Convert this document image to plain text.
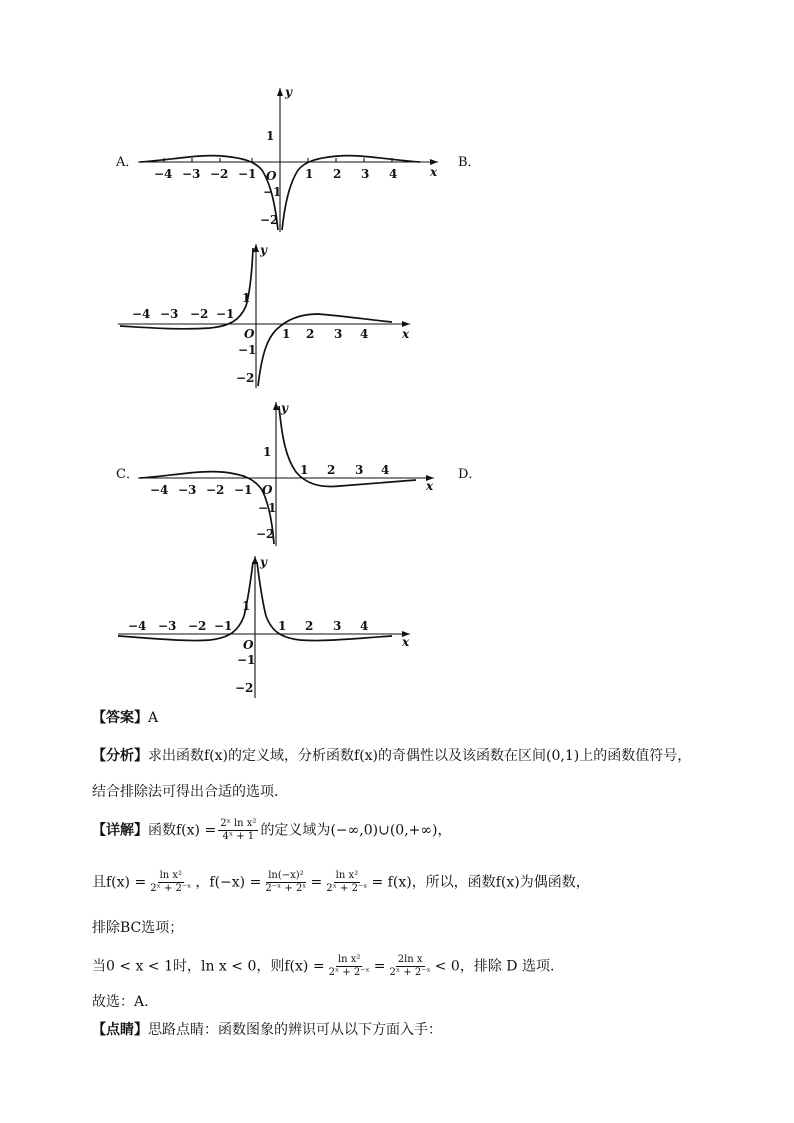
A．	B．
−4 −3 −2 −1 O 1 2 3 4	x
y
1
−1
−2
−4 −3 −2 −1
O 1 2 3 4	x
y
1
−1
−2
C．	D．
−4 −3 −2 −1 O
1 2 3 4
x
y
1
−1
−2
−4 −3 −2 −1
O
1 2 3 4
x
y
1
−1
−2
【答案】A
【分析】求出函数f(x)的定义域，分析函数f(x)的奇偶性以及该函数在区间(0,1)上的函数值符号，
结合排除法可得出合适的选项.
【详解】函数$f(x) = \frac{\text{2ˣ ln x²}}{\text{4ˣ + 1}}$ 的定义域为(−∞,0)∪(0,+∞)，
且$f(x) = \frac{\text{ln x²}}{\text{2ˣ + 2⁻ˣ}}$ ，$f(-x) = \frac{\text{ln(−x)²}}{\text{2⁻ˣ + 2ˣ}} = \frac{\text{ln x²}}{\text{2ˣ + 2⁻ˣ}} = f(x)$，所以，函数f(x)为偶函数，
排除BC选项；
当0 < x < 1时，ln x < 0，则$f(x) = \frac{\text{ln x²}}{\text{2ˣ + 2⁻ˣ}} = \frac{\text{2ln x}}{\text{2ˣ + 2⁻ˣ}} < 0$，排除 D 选项.
故选：A.
【点睛】思路点睛：函数图象的辨识可从以下方面入手：
